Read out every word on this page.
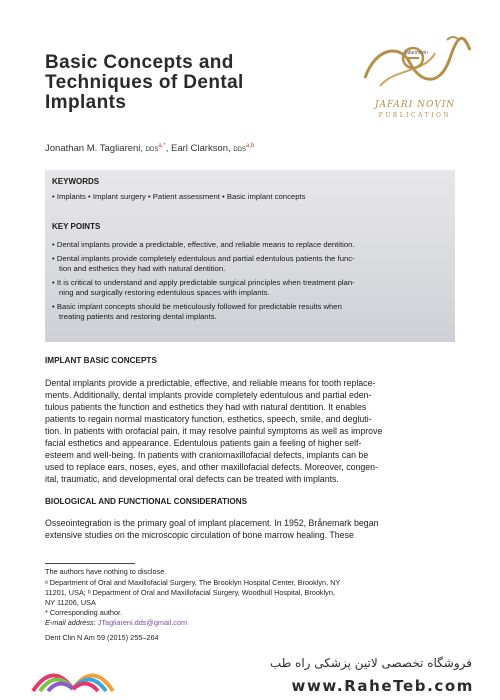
Basic Concepts and
Techniques of Dental
Implants
jafarinovin
JAFARI NOVIN
PUBLICATION
Jonathan M. Tagliareni, $DDS^{a,*}$, Earl Clarkson, DDS$^{a,b}$
KEYWORDS
• Implants • Implant surgery • Patient assessment • Basic implant concepts
KEY POINTS
• Dental implants provide a predictable, effective, and reliable means to replace dentition.
• Dental implants provide completely edentulous and partial edentulous patients the func-
tion and esthetics they had with natural dentition.
• It is critical to understand and apply predictable surgical principles when treatment plan-
ning and surgically restoring edentulous spaces with implants.
• Basic implant concepts should be meticulously followed for predictable results when
treating patients and restoring dental implants.
IMPLANT BASIC CONCEPTS
Dental implants provide a predictable, effective, and reliable means for tooth replace-
ments. Additionally, dental implants provide completely edentulous and partial eden-
tulous patients the function and esthetics they had with natural dentition. It enables
patients to regain normal masticatory function, esthetics, speech, smile, and degluti-
tion. In patients with orofacial pain, it may resolve painful symptoms as well as improve
facial esthetics and appearance. Edentulous patients gain a feeling of higher self-
esteem and well-being. In patients with craniomaxillofacial defects, implants can be
used to replace ears, noses, eyes, and other maxillofacial defects. Moreover, congen-
ital, traumatic, and developmental oral defects can be treated with implants.
BIOLOGICAL AND FUNCTIONAL CONSIDERATIONS
Osseointegration is the primary goal of implant placement. In 1952, Brånemark began
extensive studies on the microscopic circulation of bone marrow healing. These
The authors have nothing to disclose.
ᵃ Department of Oral and Maxillofacial Surgery, The Brooklyn Hospital Center, Brooklyn, NY
11201, USA; ᵇ Department of Oral and Maxillofacial Surgery, Woodhull Hospital, Brooklyn,
NY 11206, USA
* Corresponding author.
E-mail address: JTagliareni.dds@gmail.com
Dent Clin N Am 59 (2015) 255–264
فروشگاه تخصصی لاتین پزشکی راه طب
www.RaheTeb.com
